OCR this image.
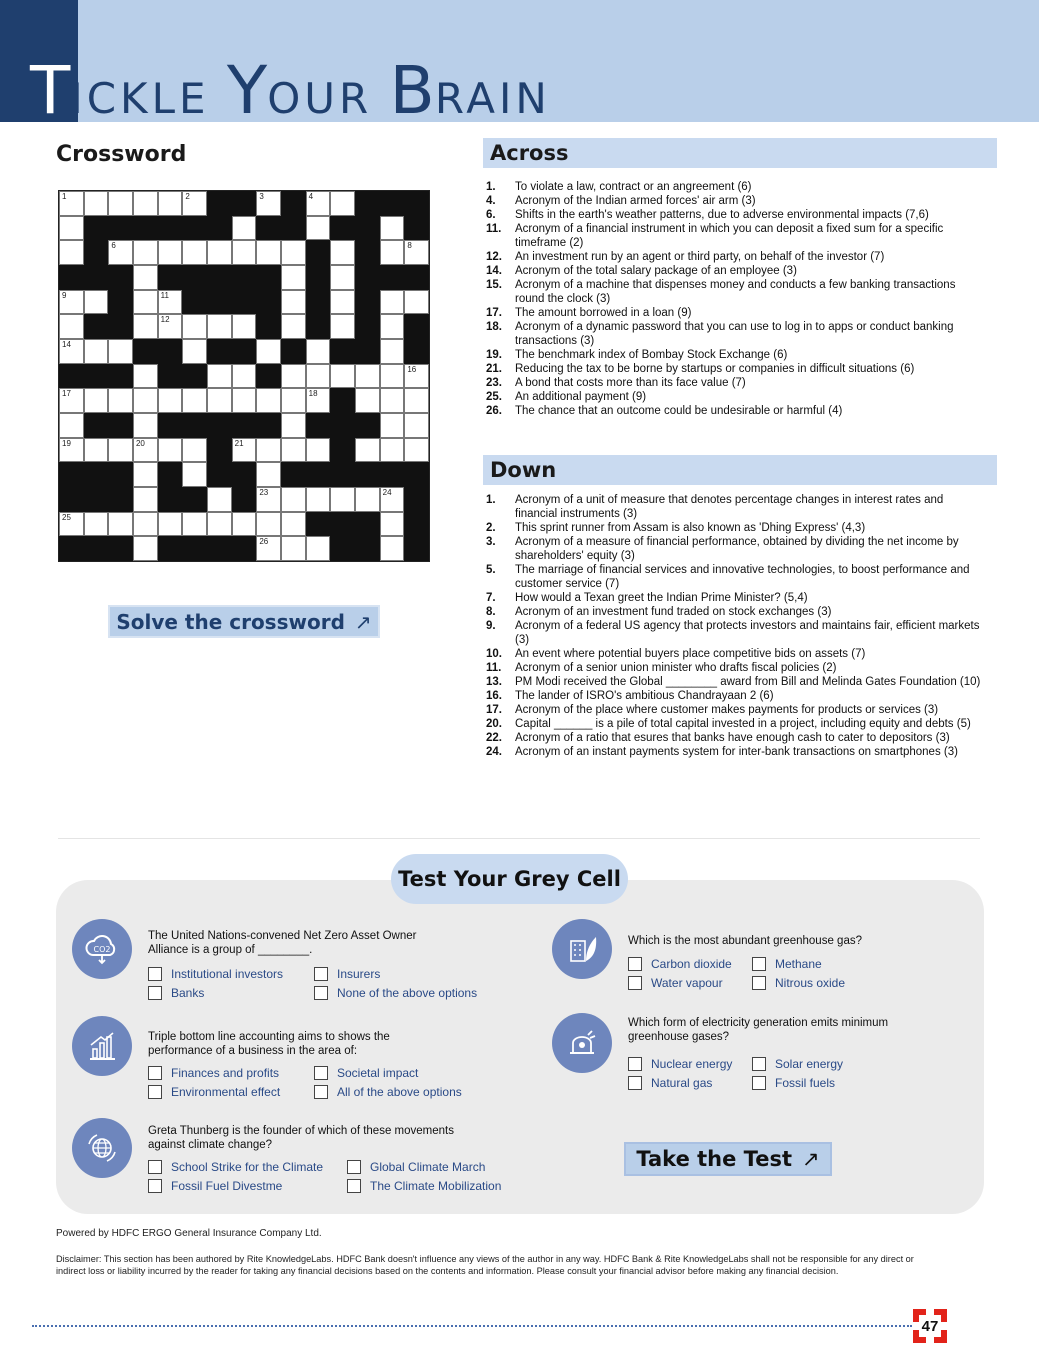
TICKLE YOUR BRAIN
Crossword
1	2	3	4
6	8
9	11
12
14
16
17	18
19	20	21
23	24
25
26
Solve the crossword ↗
Across
1.	To violate a law, contract or an angreement (6)
4.	Acronym of the Indian armed forces' air arm (3)
6.	Shifts in the earth's weather patterns, due to adverse environmental impacts (7,6)
11.	Acronym of a financial instrument in which you can deposit a fixed sum for a specific timeframe (2)
12.	An investment run by an agent or third party, on behalf of the investor (7)
14.	Acronym of the total salary package of an employee (3)
15.	Acronym of a machine that dispenses money and conducts a few banking transactions round the clock (3)
17.	The amount borrowed in a loan (9)
18.	Acronym of a dynamic password that you can use to log in to apps or conduct banking transactions (3)
19.	The benchmark index of Bombay Stock Exchange (6)
21.	Reducing the tax to be borne by startups or companies in difficult situations (6)
23.	A bond that costs more than its face value (7)
25.	An additional payment (9)
26.	The chance that an outcome could be undesirable or harmful (4)
Down
1.	Acronym of a unit of measure that denotes percentage changes in interest rates and financial instruments (3)
2.	This sprint runner from Assam is also known as 'Dhing Express' (4,3)
3.	Acronym of a measure of financial performance, obtained by dividing the net income by shareholders' equity (3)
5.	The marriage of financial services and innovative technologies, to boost performance and customer service (7)
7.	How would a Texan greet the Indian Prime Minister? (5,4)
8.	Acronym of an investment fund traded on stock exchanges (3)
9.	Acronym of a federal US agency that protects investors and maintains fair, efficient markets (3)
10.	An event where potential buyers place competitive bids on assets (7)
11.	Acronym of a senior union minister who drafts fiscal policies (2)
13.	PM Modi received the Global ________ award from Bill and Melinda Gates Foundation (10)
16.	The lander of ISRO's ambitious Chandrayaan 2 (6)
17.	Acronym of the place where customer makes payments for products or services (3)
20.	Capital ______ is a pile of total capital invested in a project, including equity and debts (5)
22.	Acronym of a ratio that esures that banks have enough cash to cater to depositors (3)
24.	Acronym of an instant payments system for inter-bank transactions on smartphones (3)
Test Your Grey Cell
CO2
The United Nations-convened Net Zero Asset Owner Alliance is a group of ________.
Institutional investors	Insurers
Banks	None of the above options
Triple bottom line accounting aims to shows the performance of a business in the area of:
Finances and profits	Societal impact
Environmental effect	All of the above options
Greta Thunberg is the founder of which of these movements against climate change?
School Strike for the Climate	Global Climate March
Fossil Fuel Divestme	The Climate Mobilization
Which is the most abundant greenhouse gas?
Carbon dioxide	Methane
Water vapour	Nitrous oxide
Which form of electricity generation emits minimum greenhouse gases?
Nuclear energy	Solar energy
Natural gas	Fossil fuels
Take the Test ↗
Powered by HDFC ERGO General Insurance Company Ltd.
Disclaimer: This section has been authored by Rite KnowledgeLabs. HDFC Bank doesn't influence any views of the author in any way. HDFC Bank & Rite KnowledgeLabs shall not be responsible for any direct or indirect loss or liability incurred by the reader for taking any financial decisions based on the contents and information. Please consult your financial advisor before making any financial decision.
47
